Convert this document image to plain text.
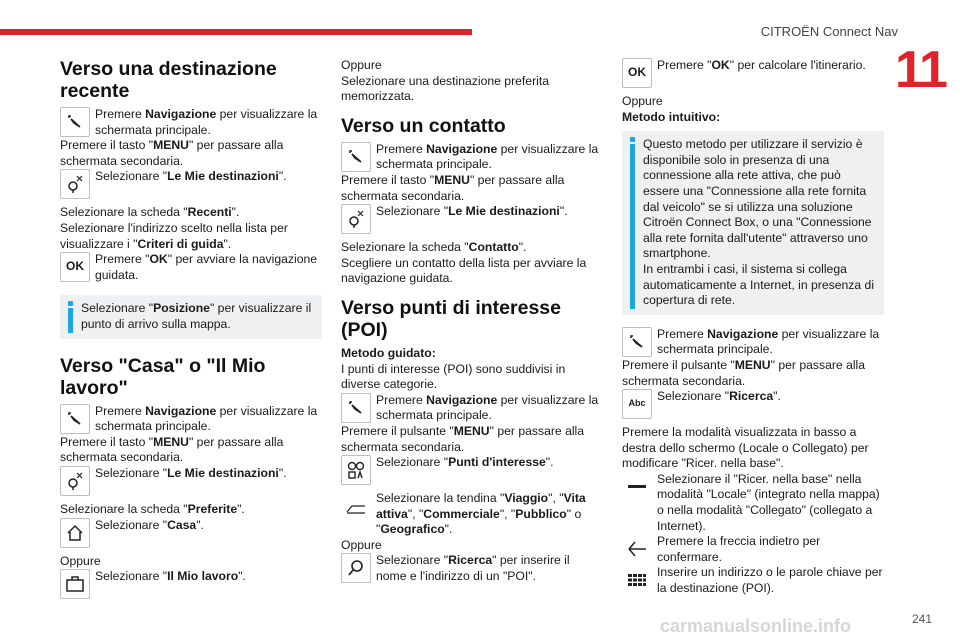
CITROËN Connect Nav
11
carmanualsonline.info	241
Verso una destinazione recente

Premere Navigazione per visualizzare la schermata principale.

Premere il tasto "MENU" per passare alla schermata secondaria.

Selezionare "Le Mie destinazioni".

Selezionare la scheda "Recenti".

Selezionare l'indirizzo scelto nella lista per visualizzare i "Criteri di guida".

OK

Premere "OK" per avviare la navigazione guidata.

Selezionare "Posizione" per visualizzare il punto di arrivo sulla mappa.

Verso "Casa" o "Il Mio lavoro"

Premere Navigazione per visualizzare la schermata principale.

Premere il tasto "MENU" per passare alla schermata secondaria.

Selezionare "Le Mie destinazioni".

Selezionare la scheda "Preferite".

Selezionare "Casa".

Oppure

Selezionare "Il Mio lavoro".

Oppure

Selezionare una destinazione preferita memorizzata.

Verso un contatto

Premere Navigazione per visualizzare la schermata principale.

Premere il tasto "MENU" per passare alla schermata secondaria.

Selezionare "Le Mie destinazioni".

Selezionare la scheda "Contatto".

Scegliere un contatto della lista per avviare la navigazione guidata.

Verso punti di interesse (POI)

Metodo guidato:

I punti di interesse (POI) sono suddivisi in diverse categorie.

Premere Navigazione per visualizzare la schermata principale.

Premere il pulsante "MENU" per passare alla schermata secondaria.

Selezionare "Punti d'interesse".

Selezionare la tendina "Viaggio", "Vita attiva", "Commerciale", "Pubblico" o "Geografico".

Oppure

Selezionare "Ricerca" per inserire il nome e l'indirizzo di un "POI".

OK

Premere "OK" per calcolare l'itinerario.

Oppure

Metodo intuitivo:

Questo metodo per utilizzare il servizio è disponibile solo in presenza di una connessione alla rete attiva, che può essere una "Connessione alla rete fornita dal veicolo" se si utilizza una soluzione Citroën Connect Box, o una "Connessione alla rete fornita dall'utente" attraverso uno smartphone.

In entrambi i casi, il sistema si collega automaticamente a Internet, in presenza di copertura di rete.

Premere Navigazione per visualizzare la schermata principale.

Premere il pulsante "MENU" per passare alla schermata secondaria.

Abc

Selezionare "Ricerca".

Premere la modalità visualizzata in basso a destra dello schermo (Locale o Collegato) per modificare "Ricer. nella base".

Selezionare il "Ricer. nella base" nella modalità "Locale" (integrato nella mappa) o nella modalità "Collegato" (collegato a Internet).

Premere la freccia indietro per confermare.

Inserire un indirizzo o le parole chiave per la destinazione (POI).
